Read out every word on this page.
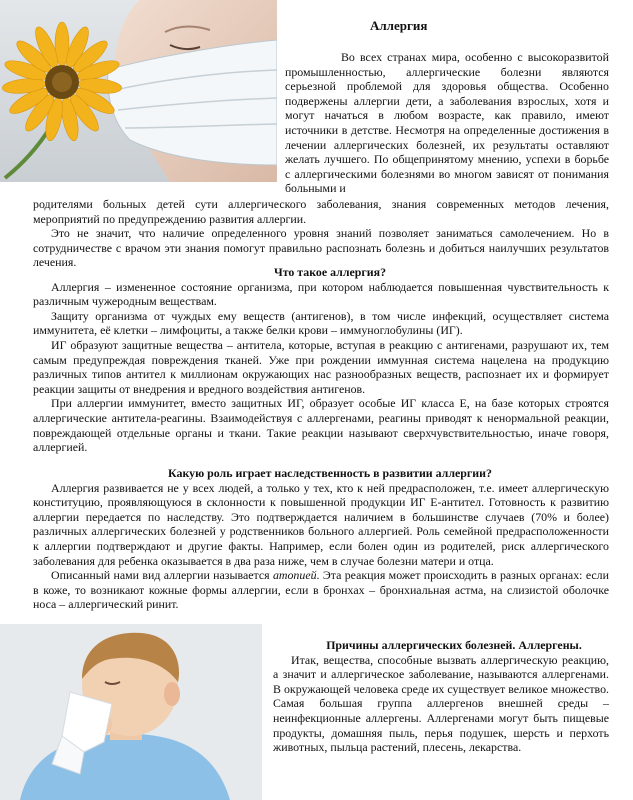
Аллергия

Во всех странах мира, особенно с высокоразвитой промышленностью, аллергические болезни являются серьезной проблемой для здоровья общества. Особенно подвержены аллергии дети, а заболевания взрослых, хотя и могут начаться в любом возрасте, как правило, имеют источники в детстве. Несмотря на определенные достижения в лечении аллергических болезней, их результаты оставляют желать лучшего. По общепринятому мнению, успехи в борьбе с аллергическими болезнями во многом зависят от понимания больными и

родителями больных детей сути аллергического заболевания, знания современных методов лечения, мероприятий по предупреждению развития аллергии.

Это не значит, что наличие определенного уровня знаний позволяет заниматься самолечением. Но в сотрудничестве с врачом эти знания помогут правильно распознать болезнь и добиться наилучших результатов лечения.

Что такое аллергия?

Аллергия – измененное состояние организма, при котором наблюдается повышенная чувствительность к различным чужеродным веществам.

Защиту организма от чуждых ему веществ (антигенов), в том числе инфекций, осуществляет система иммунитета, её клетки – лимфоциты, а также белки крови – иммуноглобулины (ИГ).

ИГ образуют защитные вещества – антитела, которые, вступая в реакцию с антигенами, разрушают их, тем самым предупреждая повреждения тканей. Уже при рождении иммунная система нацелена на продукцию различных типов антител к миллионам окружающих нас разнообразных веществ, распознает их и формирует реакции защиты от внедрения и вредного воздействия антигенов.

При аллергии иммунитет, вместо защитных ИГ, образует особые ИГ класса Е, на базе которых строятся аллергические антитела-реагины. Взаимодействуя с аллергенами, реагины приводят к ненормальной реакции, повреждающей отдельные органы и ткани. Такие реакции называют сверхчувствительностью, иначе говоря, аллергией.

Какую роль играет наследственность в развитии аллергии?

Аллергия развивается не у всех людей, а только у тех, кто к ней предрасположен, т.е. имеет аллергическую конституцию, проявляющуюся в склонности к повышенной продукции ИГ Е-антител. Готовность к развитию аллергии передается по наследству. Это подтверждается наличием в большинстве случаев (70% и более) различных аллергических болезней у родственников больного аллергией. Роль семейной предрасположенности к аллергии подтверждают и другие факты. Например, если болен один из родителей, риск аллергического заболевания для ребенка оказывается в два раза ниже, чем в случае болезни матери и отца.

Описанный нами вид аллергии называется атопией. Эта реакция может происходить в разных органах: если в коже, то возникают кожные формы аллергии, если в бронхах – бронхиальная астма, на слизистой оболочке носа – аллергический ринит.

Причины аллергических болезней. Аллергены.

Итак, вещества, способные вызвать аллергическую реакцию, а значит и аллергическое заболевание, называются аллергенами. В окружающей человека среде их существует великое множество. Самая большая группа аллергенов внешней среды – неинфекционные аллергены. Аллергенами могут быть пищевые продукты, домашняя пыль, перья подушек, шерсть и перхоть животных, пыльца растений, плесень, лекарства.
